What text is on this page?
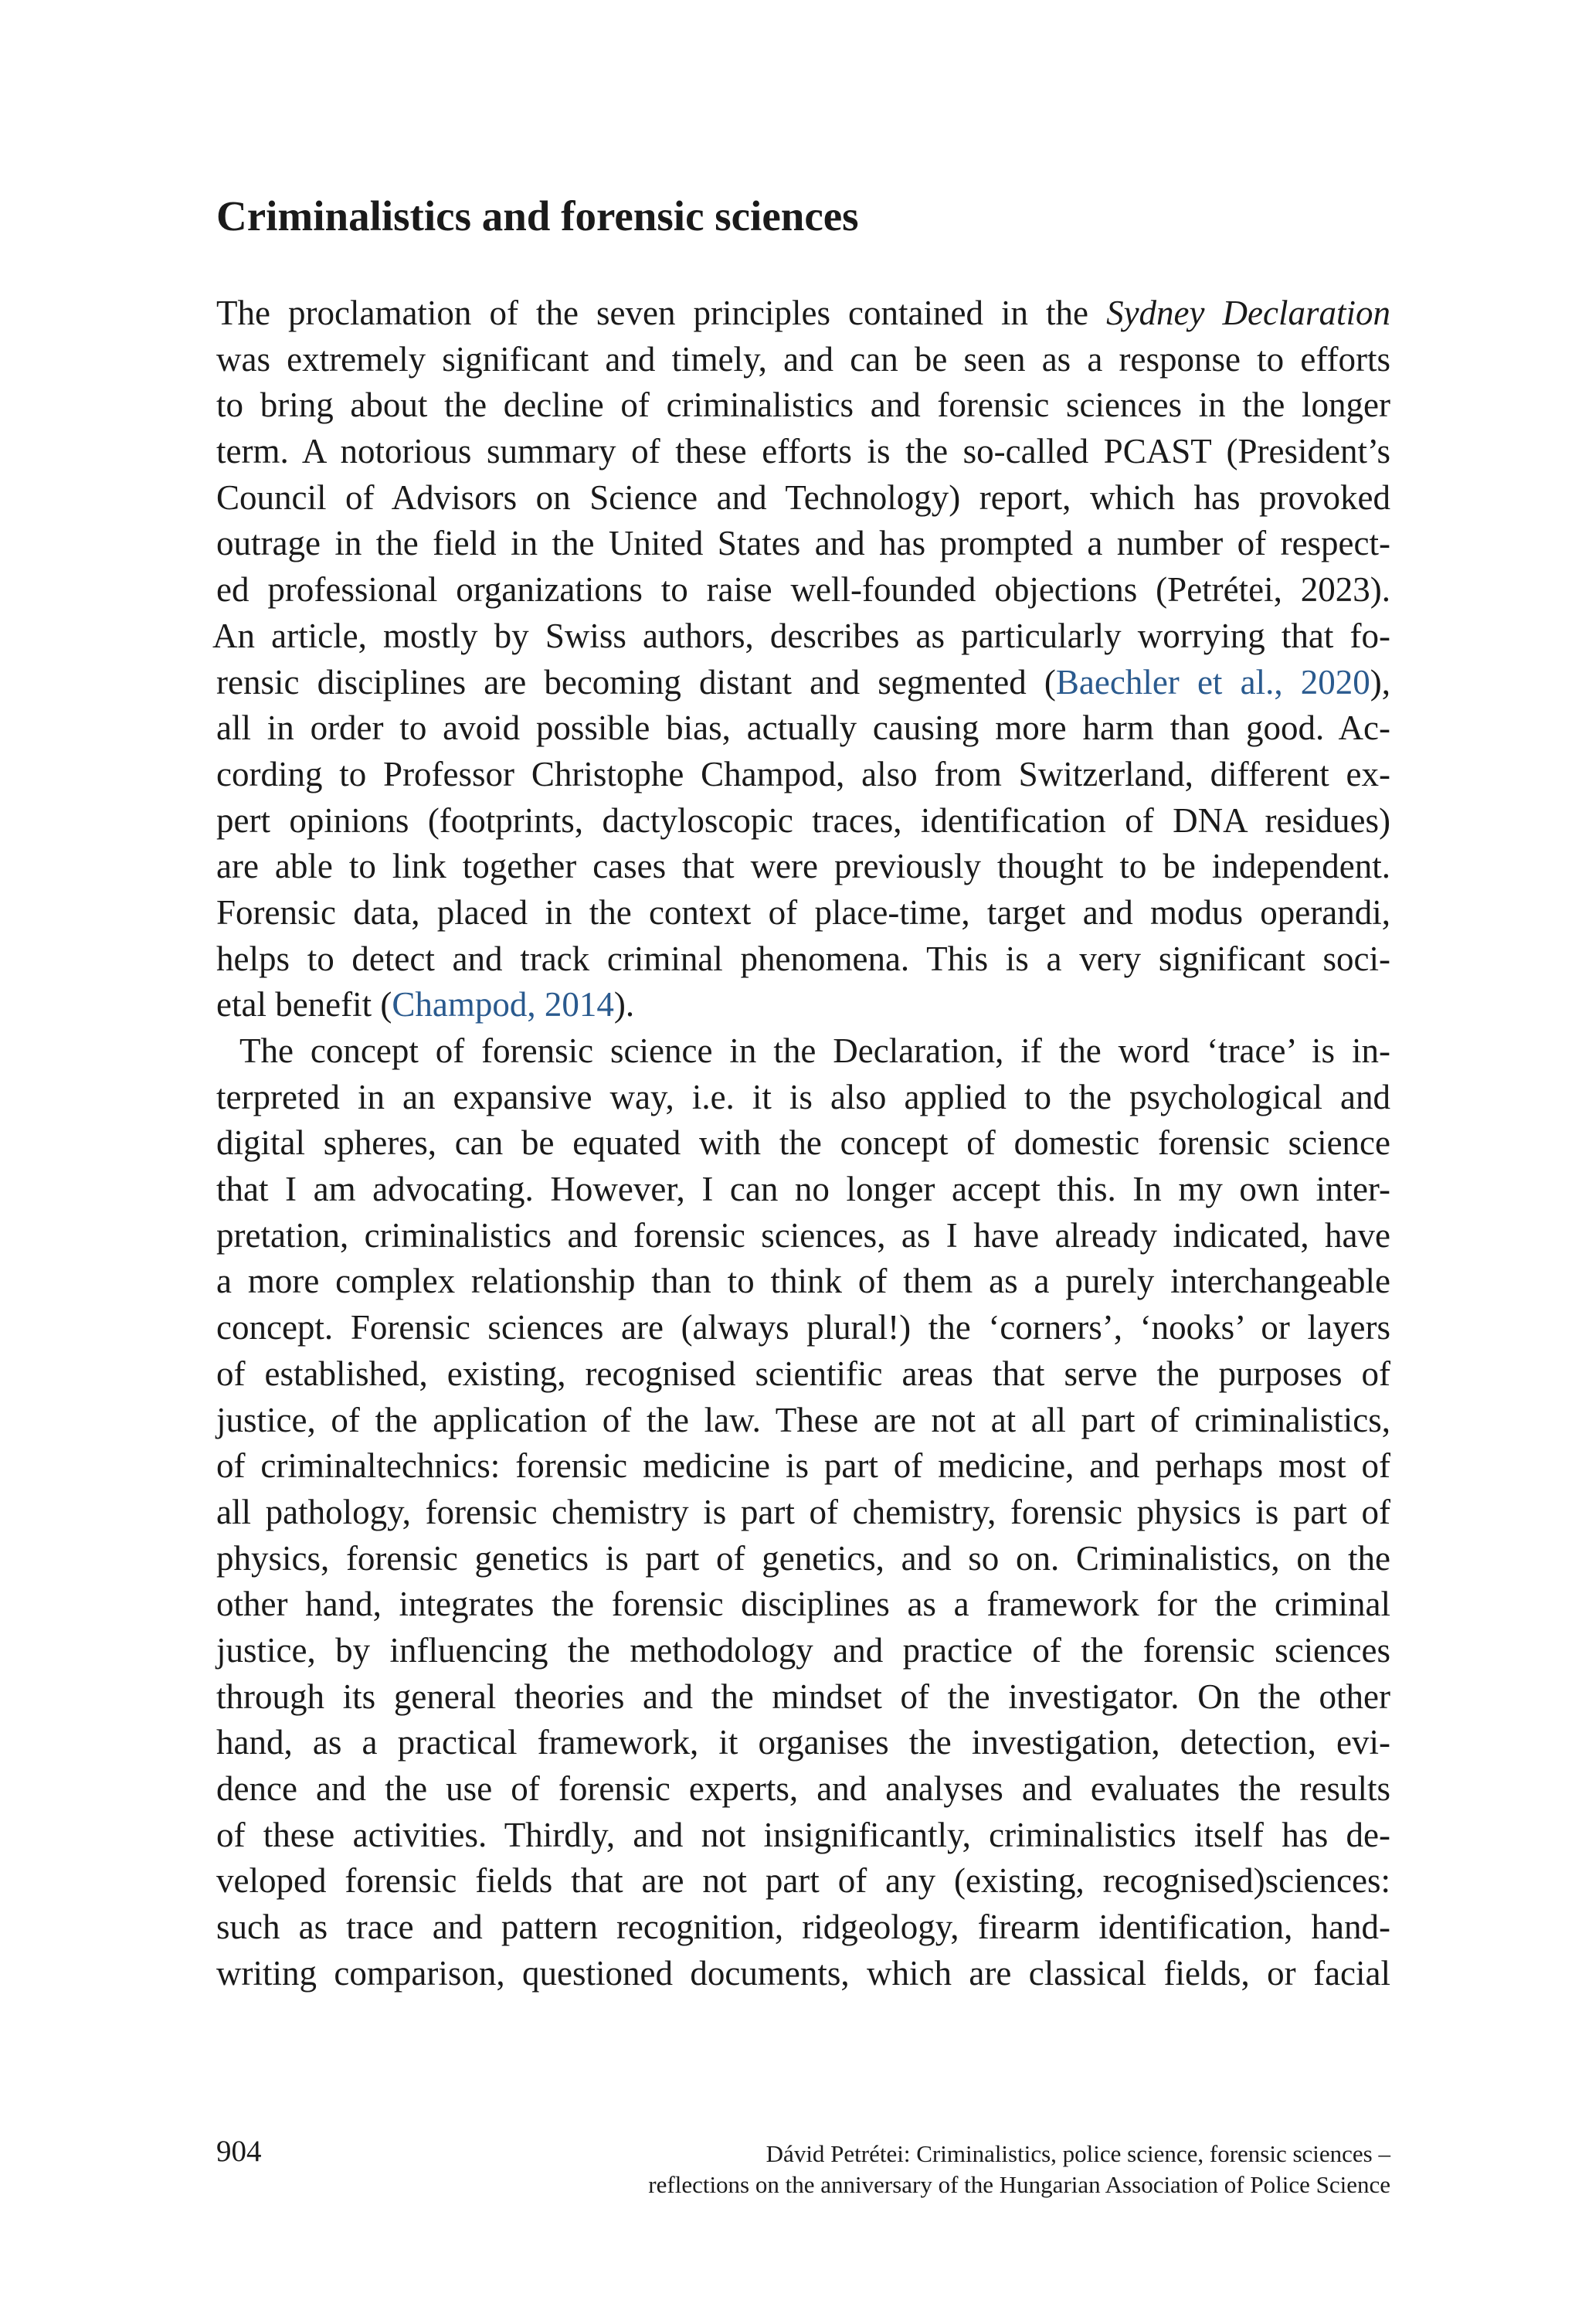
Criminalistics and forensic sciences
The proclamation of the seven principles contained in the Sydney Declaration
was extremely significant and timely, and can be seen as a response to efforts
to bring about the decline of criminalistics and forensic sciences in the longer
term. A notorious summary of these efforts is the so-called PCAST (President’s
Council of Advisors on Science and Technology) report, which has provoked
outrage in the field in the United States and has prompted a number of respect-
ed professional organizations to raise well-founded objections (Petrétei, 2023).
An article, mostly by Swiss authors, describes as particularly worrying that fo-
rensic disciplines are becoming distant and segmented (Baechler et al., 2020),
all in order to avoid possible bias, actually causing more harm than good. Ac-
cording to Professor Christophe Champod, also from Switzerland, different ex-
pert opinions (footprints, dactyloscopic traces, identification of DNA residues)
are able to link together cases that were previously thought to be independent.
Forensic data, placed in the context of place-time, target and modus operandi,
helps to detect and track criminal phenomena. This is a very significant soci-
etal benefit (Champod, 2014).
The concept of forensic science in the Declaration, if the word ‘trace’ is in-
terpreted in an expansive way, i.e. it is also applied to the psychological and
digital spheres, can be equated with the concept of domestic forensic science
that I am advocating. However, I can no longer accept this. In my own inter-
pretation, criminalistics and forensic sciences, as I have already indicated, have
a more complex relationship than to think of them as a purely interchangeable
concept. Forensic sciences are (always plural!) the ‘corners’, ‘nooks’ or layers
of established, existing, recognised scientific areas that serve the purposes of
justice, of the application of the law. These are not at all part of criminalistics,
of criminaltechnics: forensic medicine is part of medicine, and perhaps most of
all pathology, forensic chemistry is part of chemistry, forensic physics is part of
physics, forensic genetics is part of genetics, and so on. Criminalistics, on the
other hand, integrates the forensic disciplines as a framework for the criminal
justice, by influencing the methodology and practice of the forensic sciences
through its general theories and the mindset of the investigator. On the other
hand, as a practical framework, it organises the investigation, detection, evi-
dence and the use of forensic experts, and analyses and evaluates the results
of these activities. Thirdly, and not insignificantly, criminalistics itself has de-
veloped forensic fields that are not part of any (existing, recognised)sciences:
such as trace and pattern recognition, ridgeology, firearm identification, hand-
writing comparison, questioned documents, which are classical fields, or facial
904	Dávid Petrétei: Criminalistics, police science, forensic sciences –
reflections on the anniversary of the Hungarian Association of Police Science
